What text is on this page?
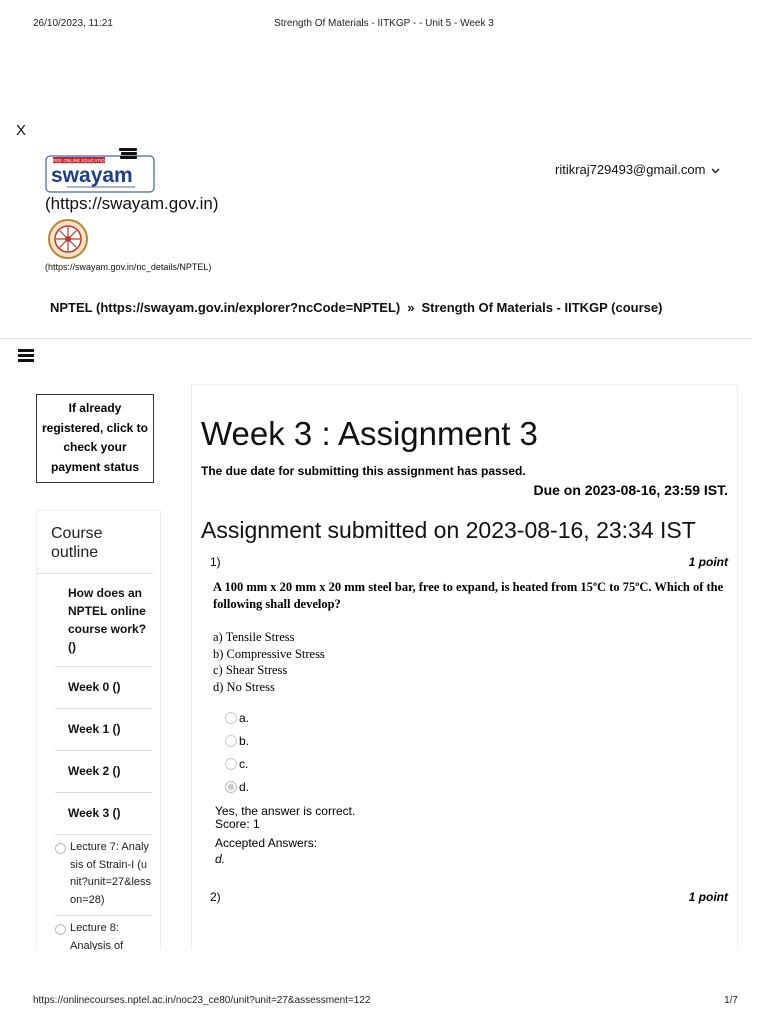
26/10/2023, 11:21	Strength Of Materials - IITKGP - - Unit 5 - Week 3
X
FREE ONLINE EDUCATION
swayam
(https://swayam.gov.in)
(https://swayam.gov.in/nc_details/NPTEL)
ritikraj729493@gmail.com
NPTEL (https://swayam.gov.in/explorer?ncCode=NPTEL) » Strength Of Materials - IITKGP (course)
If already registered, click to check your payment status
Course outline
How does an NPTEL online course work? ()
Week 0 ()
Week 1 ()
Week 2 ()
Week 3 ()
Lecture 7: Analysis of Strain-I (unit?unit=27&lesson=28)
Lecture 8: Analysis of
Week 3 : Assignment 3
The due date for submitting this assignment has passed.
Due on 2023-08-16, 23:59 IST.
Assignment submitted on 2023-08-16, 23:34 IST
1)	1 point
A 100 mm x 20 mm x 20 mm steel bar, free to expand, is heated from 15ºC to 75ºC. Which of the following shall develop?
a) Tensile Stress
b) Compressive Stress
c) Shear Stress
d) No Stress
a.
b.
c.
d.
Yes, the answer is correct.
Score: 1
Accepted Answers:
d.
2)	1 point
https://onlinecourses.nptel.ac.in/noc23_ce80/unit?unit=27&assessment=122	1/7
